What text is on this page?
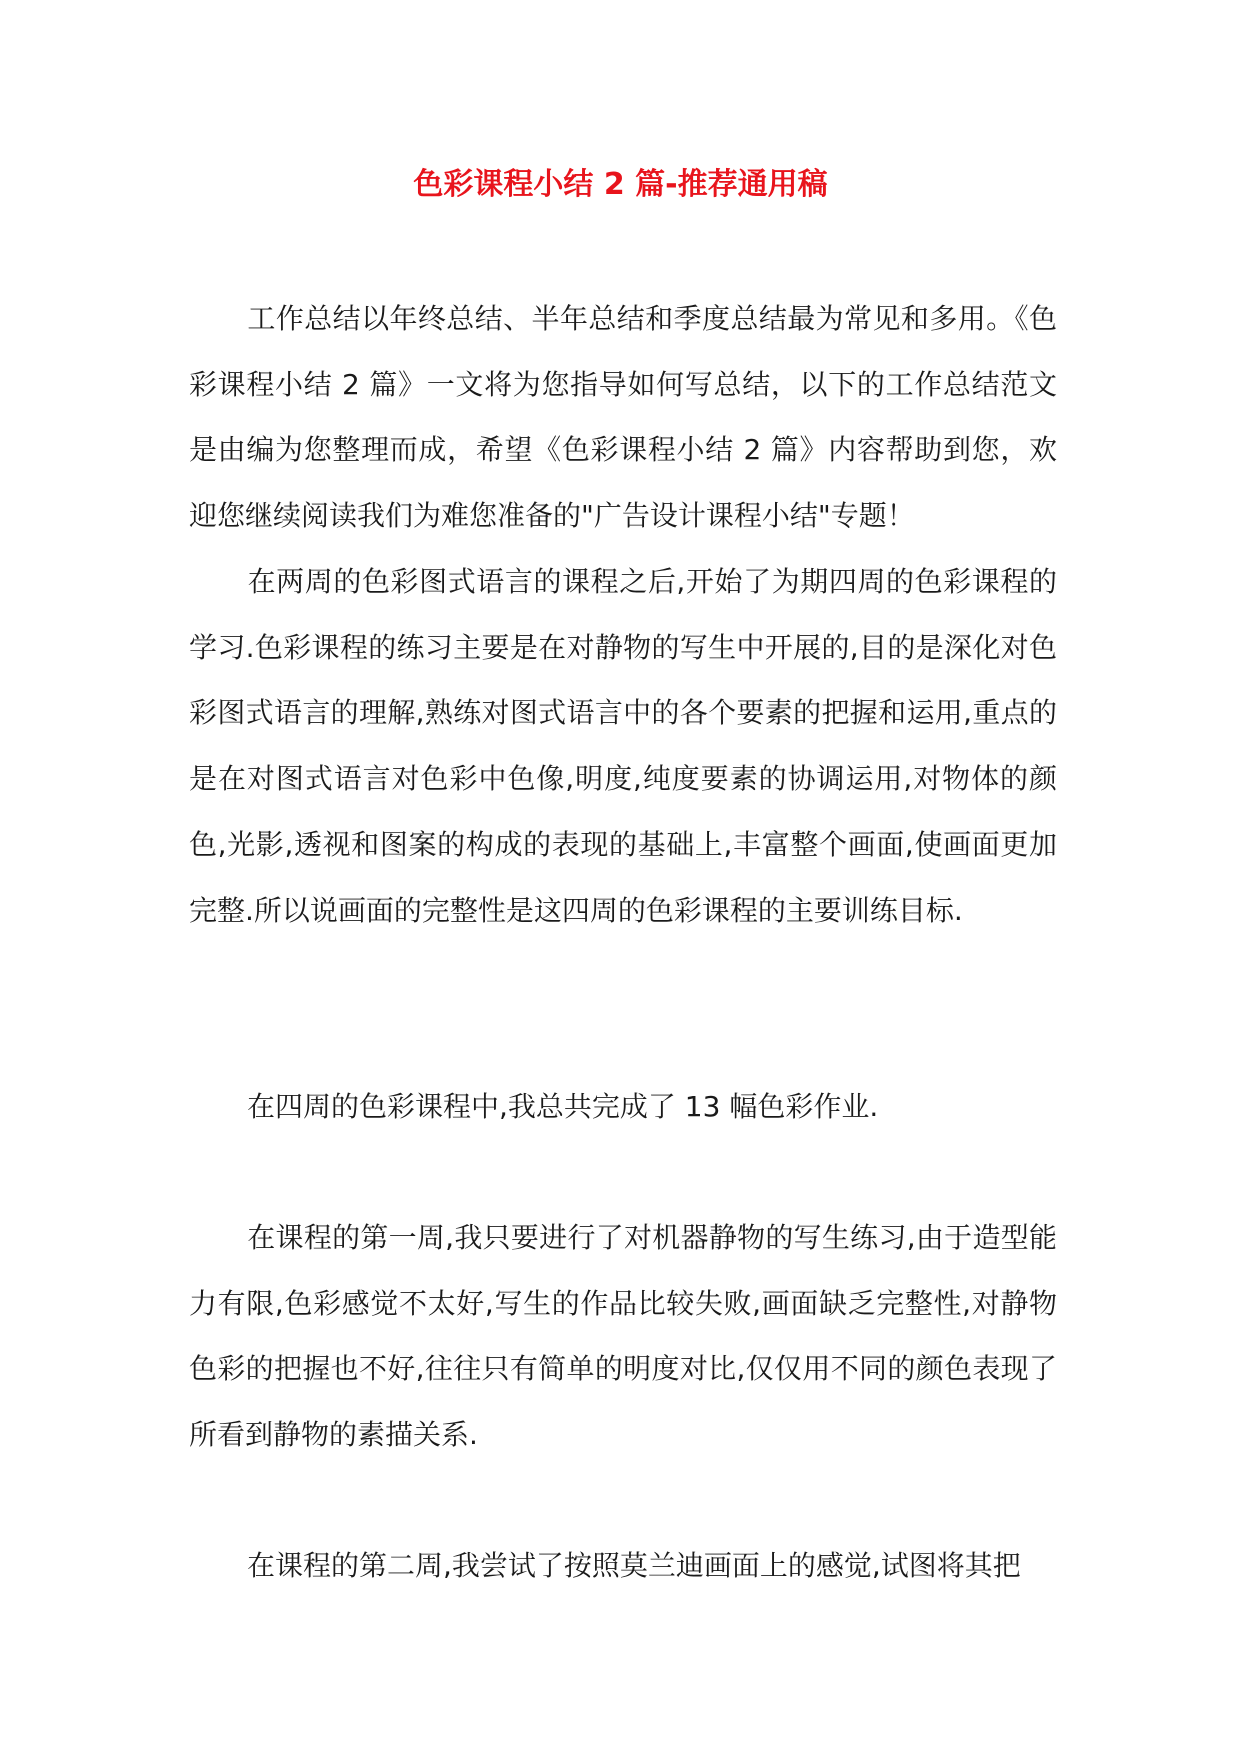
色彩课程小结 2 篇-推荐通用稿

工作总结以年终总结、半年总结和季度总结最为常见和多用。《色彩课程小结 2 篇》一文将为您指导如何写总结，以下的工作总结范文是由编为您整理而成，希望《色彩课程小结 2 篇》内容帮助到您，欢迎您继续阅读我们为难您准备的"广告设计课程小结"专题！

在两周的色彩图式语言的课程之后,开始了为期四周的色彩课程的学习.色彩课程的练习主要是在对静物的写生中开展的,目的是深化对色彩图式语言的理解,熟练对图式语言中的各个要素的把握和运用,重点的是在对图式语言对色彩中色像,明度,纯度要素的协调运用,对物体的颜色,光影,透视和图案的构成的表现的基础上,丰富整个画面,使画面更加完整.所以说画面的完整性是这四周的色彩课程的主要训练目标.

在四周的色彩课程中,我总共完成了 13 幅色彩作业.

在课程的第一周,我只要进行了对机器静物的写生练习,由于造型能力有限,色彩感觉不太好,写生的作品比较失败,画面缺乏完整性,对静物色彩的把握也不好,往往只有简单的明度对比,仅仅用不同的颜色表现了所看到静物的素描关系.

在课程的第二周,我尝试了按照莫兰迪画面上的感觉,试图将其把
